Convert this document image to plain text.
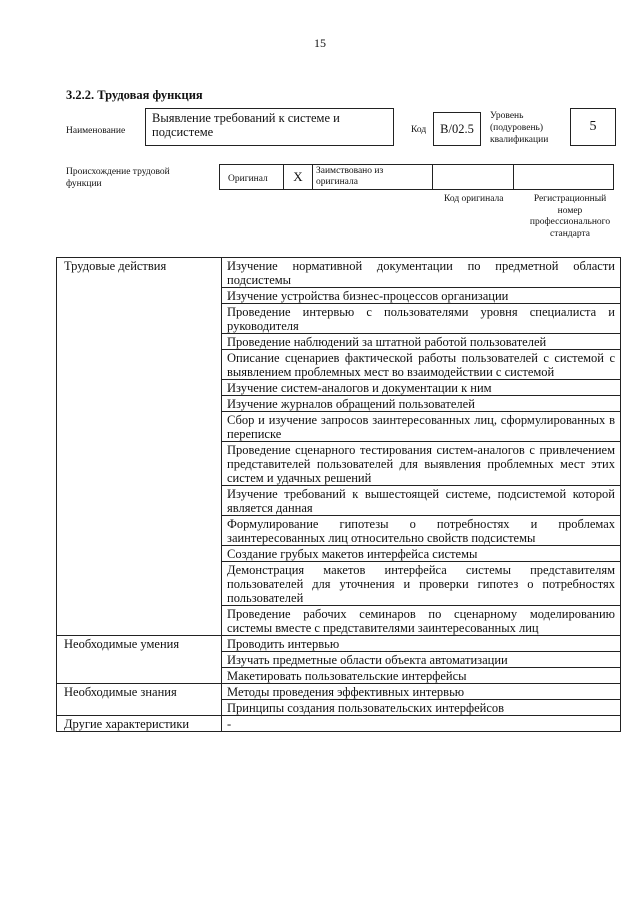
15
3.2.2. Трудовая функция
Наименование
Выявление требований к системе и подсистеме	Код B/02.5
Уровень
(подуровень)
квалификации
5
Происхождение трудовой
функции	Оригинал X Заимствовано из
оригинала
Код оригинала	Регистрационный
номер
профессионального
стандарта
Трудовые действия	Изучение нормативной документации по предметной области подсистемы
	Изучение устройства бизнес-процессов организации
	Проведение интервью с пользователями уровня специалиста и руководителя
	Проведение наблюдений за штатной работой пользователей
	Описание сценариев фактической работы пользователей с системой с выявлением проблемных мест во взаимодействии с системой
	Изучение систем-аналогов и документации к ним
	Изучение журналов обращений пользователей
	Сбор и изучение запросов заинтересованных лиц, сформулированных в переписке
	Проведение сценарного тестирования систем-аналогов с привлечением представителей пользователей для выявления проблемных мест этих систем и удачных решений
	Изучение требований к вышестоящей системе, подсистемой которой является данная
	Формулирование гипотезы о потребностях и проблемах заинтересованных лиц относительно свойств подсистемы
	Создание грубых макетов интерфейса системы
	Демонстрация макетов интерфейса системы представителям пользователей для уточнения и проверки гипотез о потребностях пользователей
	Проведение рабочих семинаров по сценарному моделированию системы вместе с представителями заинтересованных лиц
Необходимые умения	Проводить интервью
	Изучать предметные области объекта автоматизации
	Макетировать пользовательские интерфейсы
Необходимые знания	Методы проведения эффективных интервью
	Принципы создания пользовательских интерфейсов
Другие характеристики	-
